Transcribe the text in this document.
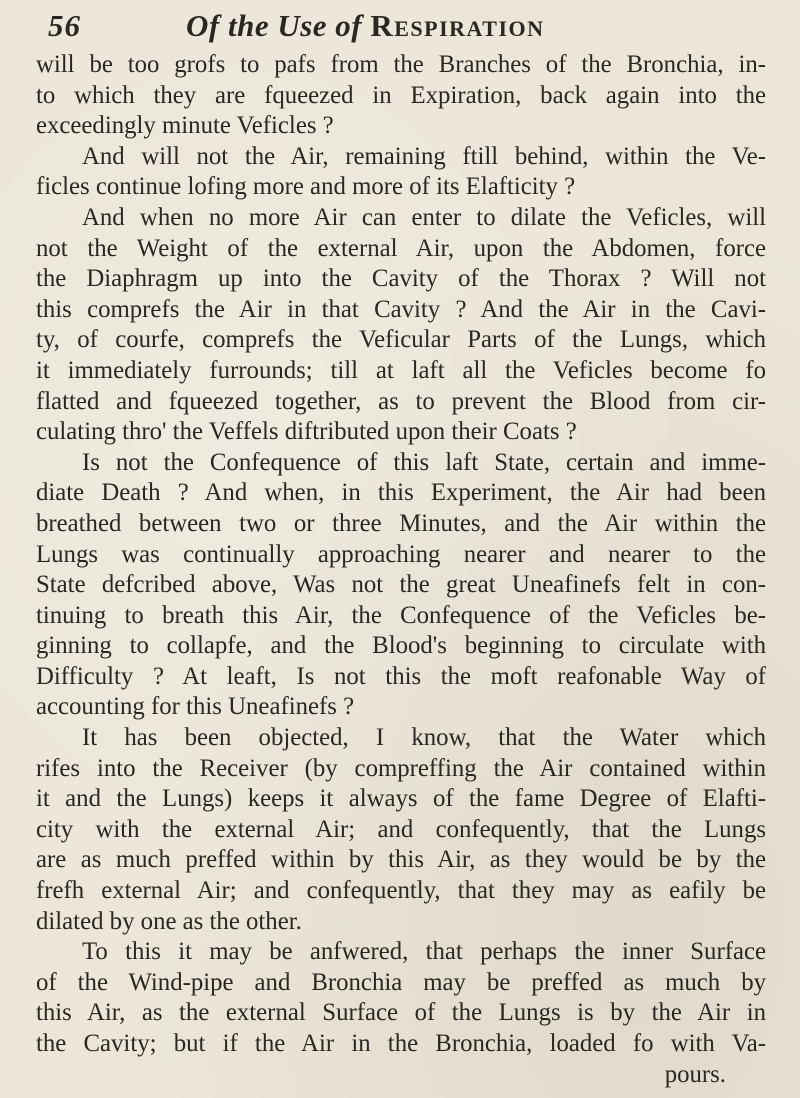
56	Of the Use of Respiration
will be too grofs to pafs from the Branches of the Bronchia, in-
to which they are fqueezed in Expiration, back again into the
exceedingly minute Veficles ?
And will not the Air, remaining ftill behind, within the Ve-
ficles continue lofing more and more of its Elafticity ?
And when no more Air can enter to dilate the Veficles, will
not the Weight of the external Air, upon the Abdomen, force
the Diaphragm up into the Cavity of the Thorax ? Will not
this comprefs the Air in that Cavity ? And the Air in the Cavi-
ty, of courfe, comprefs the Veficular Parts of the Lungs, which
it immediately furrounds; till at laft all the Veficles become fo
flatted and fqueezed together, as to prevent the Blood from cir-
culating thro' the Veffels diftributed upon their Coats ?
Is not the Confequence of this laft State, certain and imme-
diate Death ? And when, in this Experiment, the Air had been
breathed between two or three Minutes, and the Air within the
Lungs was continually approaching nearer and nearer to the
State defcribed above, Was not the great Uneafinefs felt in con-
tinuing to breath this Air, the Confequence of the Veficles be-
ginning to collapfe, and the Blood's beginning to circulate with
Difficulty ? At leaft, Is not this the moft reafonable Way of
accounting for this Uneafinefs ?
It has been objected, I know, that the Water which
rifes into the Receiver (by compreffing the Air contained within
it and the Lungs) keeps it always of the fame Degree of Elafti-
city with the external Air; and confequently, that the Lungs
are as much preffed within by this Air, as they would be by the
frefh external Air; and confequently, that they may as eafily be
dilated by one as the other.
To this it may be anfwered, that perhaps the inner Surface
of the Wind-pipe and Bronchia may be preffed as much by
this Air, as the external Surface of the Lungs is by the Air in
the Cavity; but if the Air in the Bronchia, loaded fo with Va-
pours.
